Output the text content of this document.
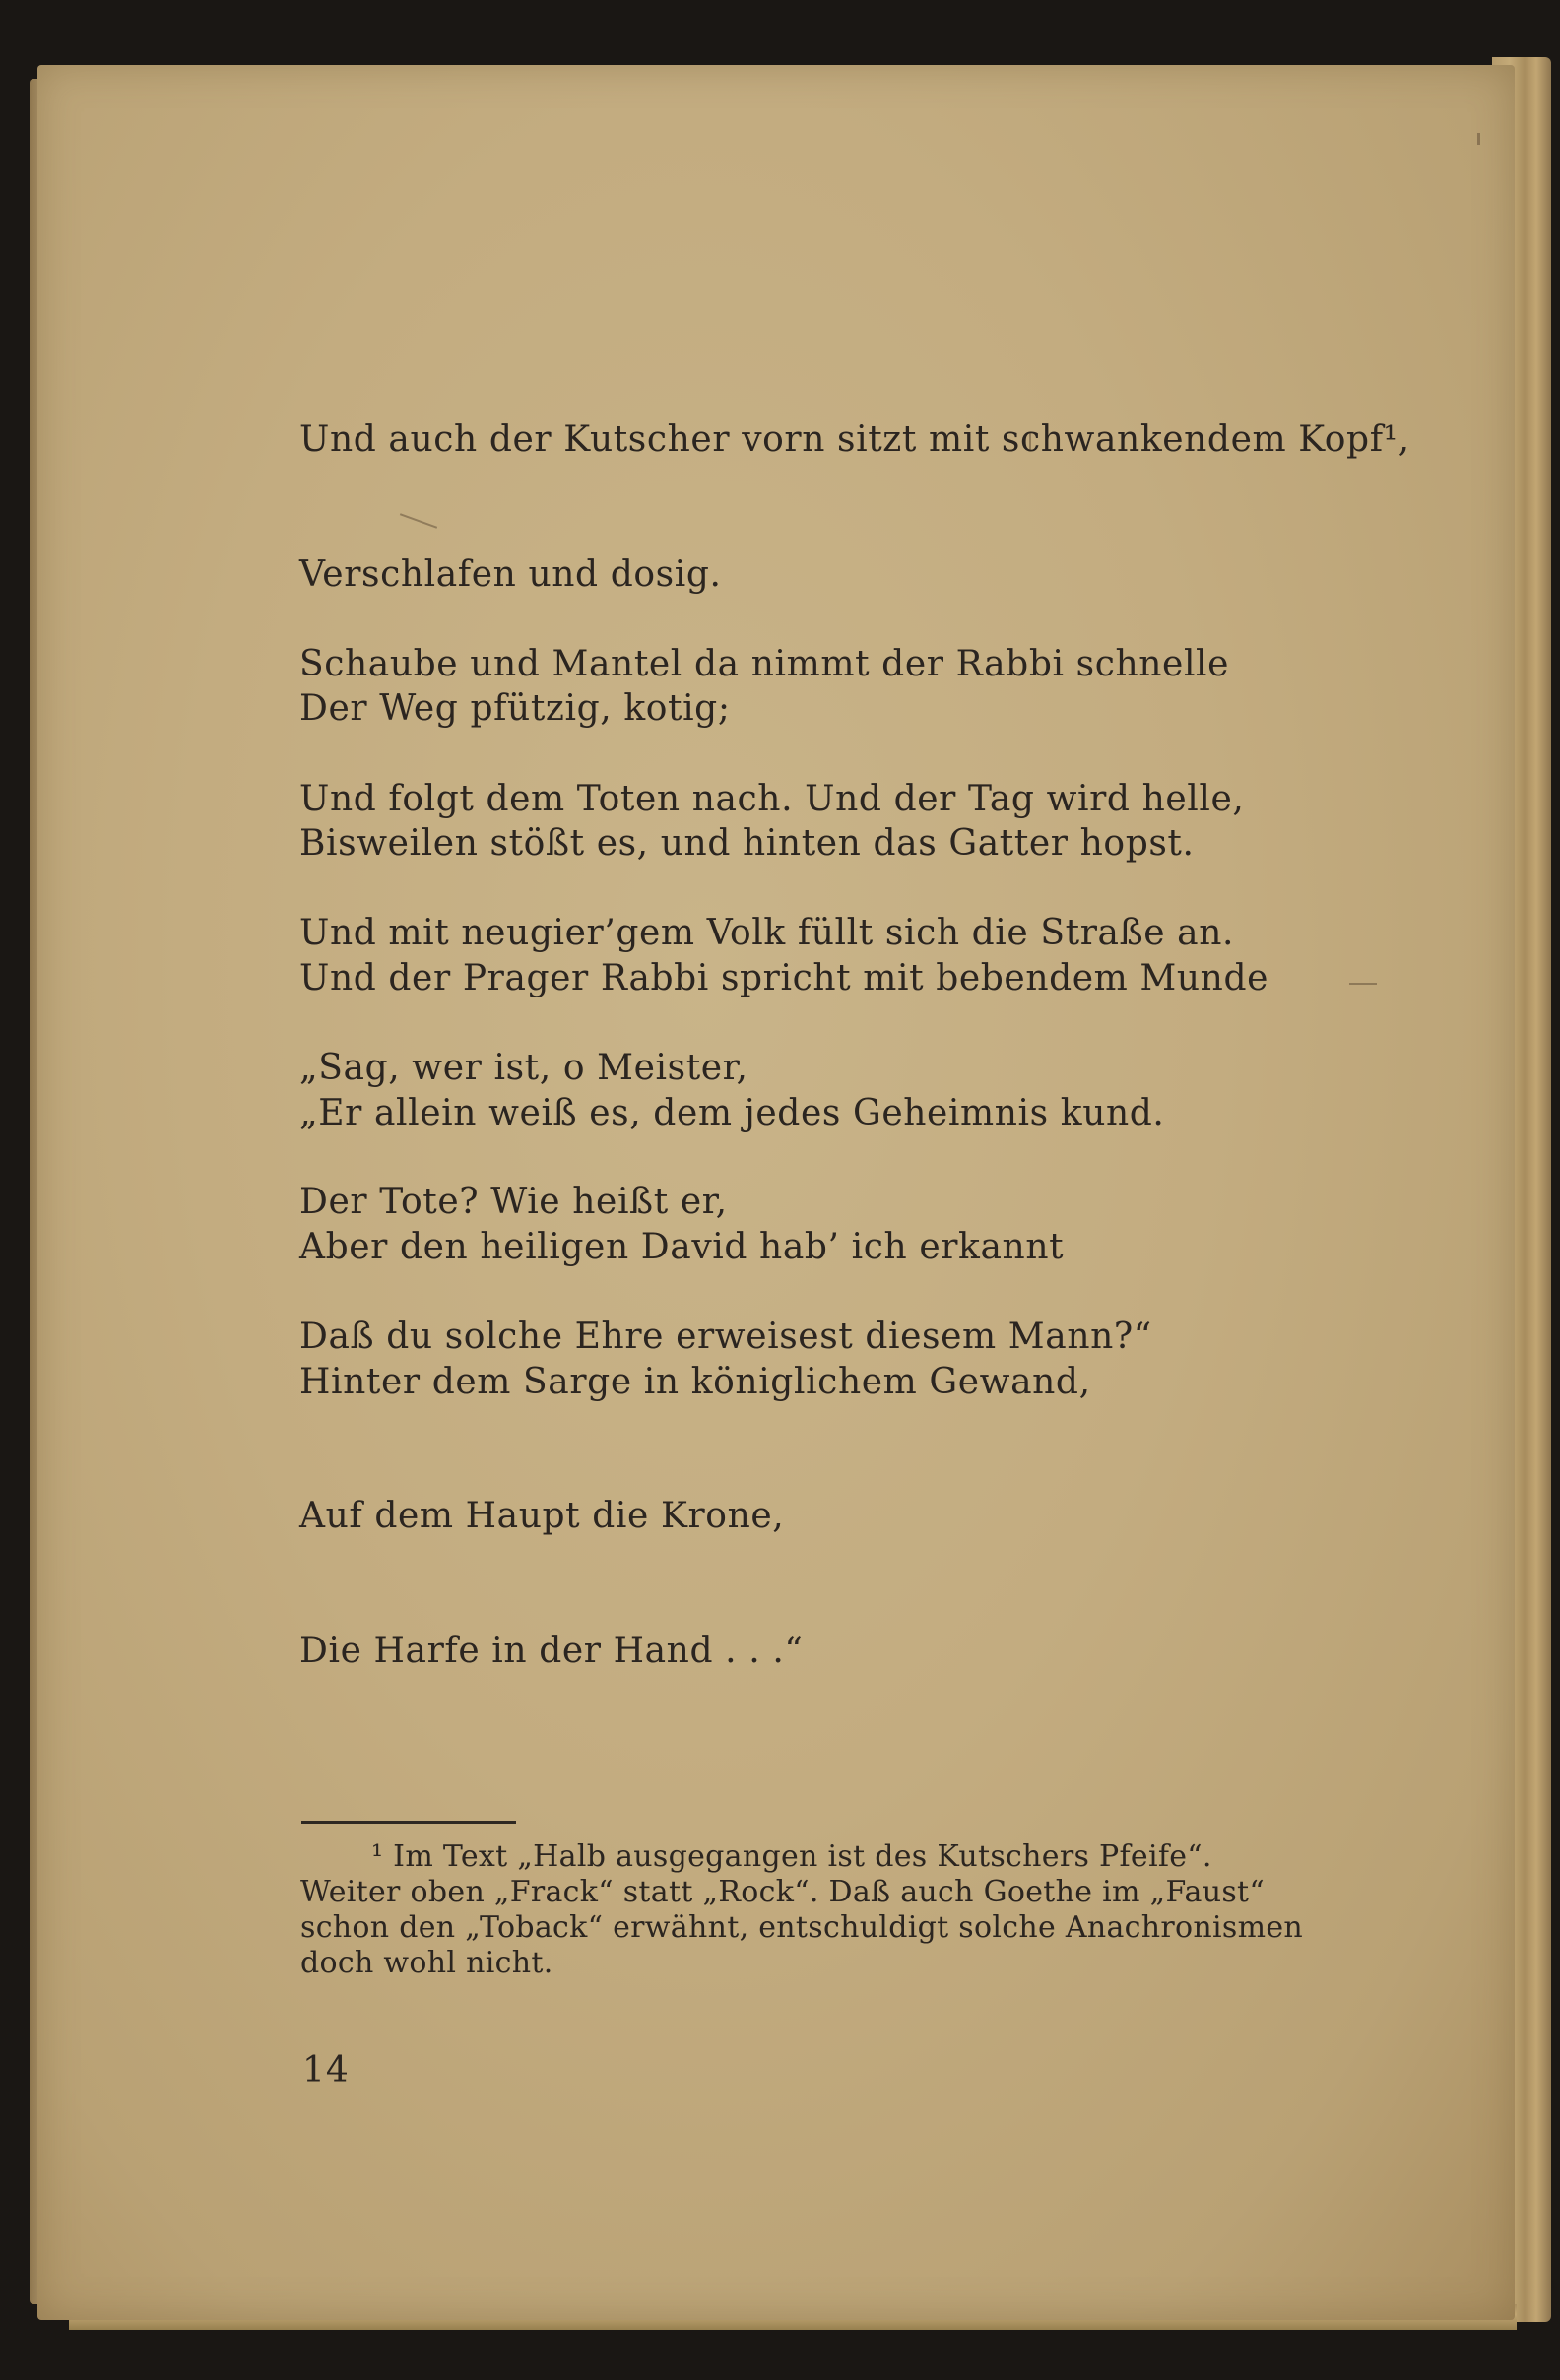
Und auch der Kutscher vorn sitzt mit schwankendem Kopf¹,

Verschlafen und dosig.

Der Weg pfützig, kotig;

Bisweilen stößt es, und hinten das Gatter hopst.

Schaube und Mantel da nimmt der Rabbi schnelle

Und folgt dem Toten nach. Und der Tag wird helle,

Und mit neugier’gem Volk füllt sich die Straße an.

„Sag, wer ist, o Meister,

Der Tote? Wie heißt er,

Daß du solche Ehre erweisest diesem Mann?“

Und der Prager Rabbi spricht mit bebendem Munde

„Er allein weiß es, dem jedes Geheimnis kund.

Aber den heiligen David hab’ ich erkannt

Hinter dem Sarge in königlichem Gewand,

Auf dem Haupt die Krone,

Die Harfe in der Hand . . .“

¹ Im Text „Halb ausgegangen ist des Kutschers Pfeife“.
Weiter oben „Frack“ statt „Rock“. Daß auch Goethe im „Faust“
schon den „Toback“ erwähnt, entschuldigt solche Anachronismen
doch wohl nicht.
14
